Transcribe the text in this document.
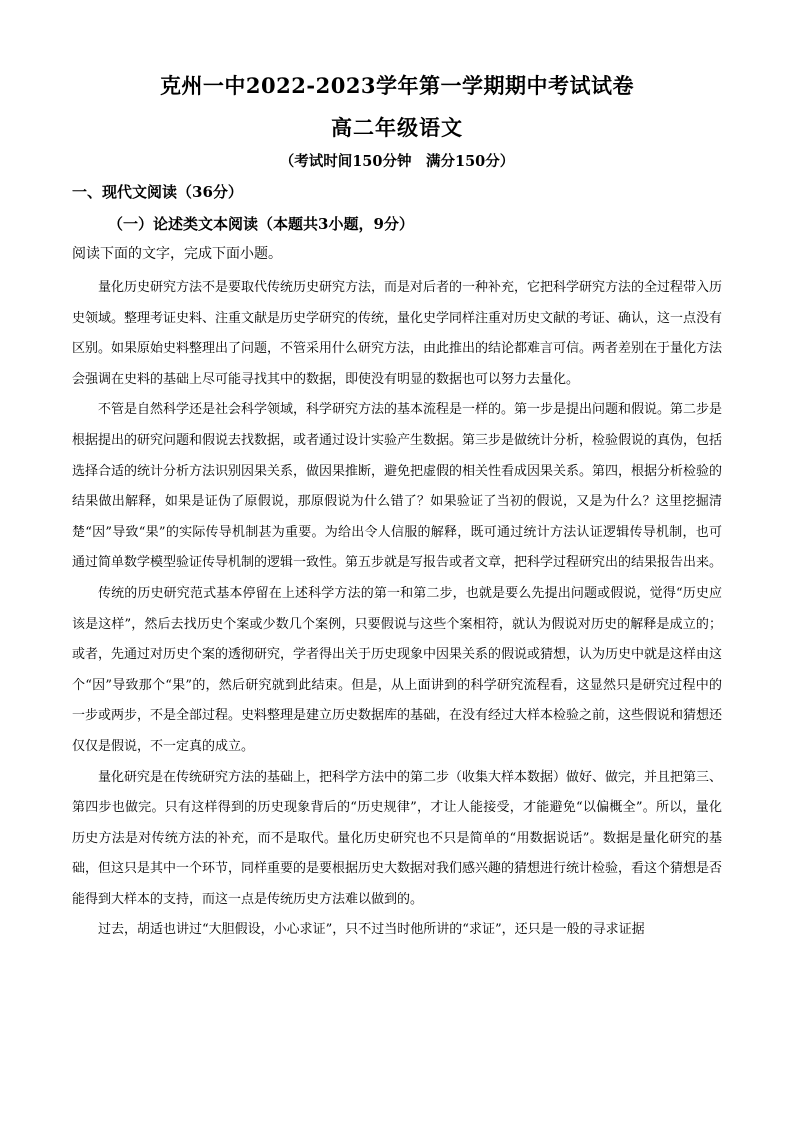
克州一中2022-2023学年第一学期期中考试试卷
高二年级语文
（考试时间150分钟　满分150分）
一、现代文阅读（36分）
（一）论述类文本阅读（本题共3小题，9分）
阅读下面的文字，完成下面小题。

量化历史研究方法不是要取代传统历史研究方法，而是对后者的一种补充，它把科学研究方法的全过程带入历史领域。整理考证史料、注重文献是历史学研究的传统，量化史学同样注重对历史文献的考证、确认，这一点没有区别。如果原始史料整理出了问题，不管采用什么研究方法，由此推出的结论都难言可信。两者差别在于量化方法会强调在史料的基础上尽可能寻找其中的数据，即使没有明显的数据也可以努力去量化。

不管是自然科学还是社会科学领域，科学研究方法的基本流程是一样的。第一步是提出问题和假说。第二步是根据提出的研究问题和假说去找数据，或者通过设计实验产生数据。第三步是做统计分析，检验假说的真伪，包括选择合适的统计分析方法识别因果关系，做因果推断，避免把虚假的相关性看成因果关系。第四，根据分析检验的结果做出解释，如果是证伪了原假说，那原假说为什么错了？如果验证了当初的假说，又是为什么？这里挖掘清楚“因”导致“果”的实际传导机制甚为重要。为给出令人信服的解释，既可通过统计方法认证逻辑传导机制，也可通过简单数学模型验证传导机制的逻辑一致性。第五步就是写报告或者文章，把科学过程研究出的结果报告出来。

传统的历史研究范式基本停留在上述科学方法的第一和第二步，也就是要么先提出问题或假说，觉得“历史应该是这样”，然后去找历史个案或少数几个案例，只要假说与这些个案相符，就认为假说对历史的解释是成立的；或者，先通过对历史个案的透彻研究，学者得出关于历史现象中因果关系的假说或猜想，认为历史中就是这样由这个“因”导致那个“果”的，然后研究就到此结束。但是，从上面讲到的科学研究流程看，这显然只是研究过程中的一步或两步，不是全部过程。史料整理是建立历史数据库的基础，在没有经过大样本检验之前，这些假说和猜想还仅仅是假说，不一定真的成立。

量化研究是在传统研究方法的基础上，把科学方法中的第二步（收集大样本数据）做好、做完，并且把第三、第四步也做完。只有这样得到的历史现象背后的“历史规律”，才让人能接受，才能避免“以偏概全”。所以，量化历史方法是对传统方法的补充，而不是取代。量化历史研究也不只是简单的“用数据说话”。数据是量化研究的基础，但这只是其中一个环节，同样重要的是要根据历史大数据对我们感兴趣的猜想进行统计检验，看这个猜想是否能得到大样本的支持，而这一点是传统历史方法难以做到的。

过去，胡适也讲过“大胆假设，小心求证”，只不过当时他所讲的“求证”，还只是一般的寻求证据
